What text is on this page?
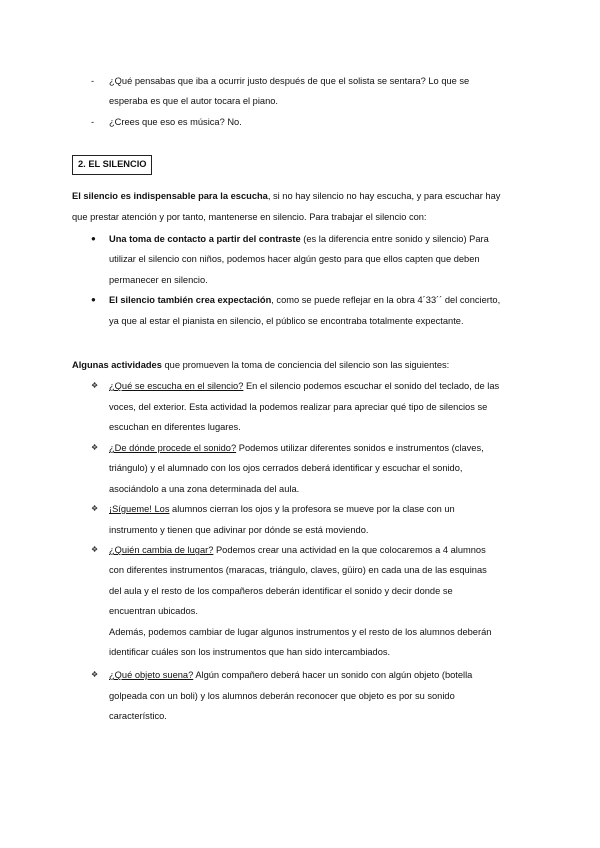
- ¿Qué pensabas que iba a ocurrir justo después de que el solista se sentara? Lo que se
esperaba es que el autor tocara el piano.
- ¿Crees que eso es música? No.
2. EL SILENCIO
El silencio es indispensable para la escucha, si no hay silencio no hay escucha, y para escuchar hay
que prestar atención y por tanto, mantenerse en silencio. Para trabajar el silencio con:
● Una toma de contacto a partir del contraste (es la diferencia entre sonido y silencio) Para
utilizar el silencio con niños, podemos hacer algún gesto para que ellos capten que deben
permanecer en silencio.
● El silencio también crea expectación, como se puede reflejar en la obra 4´33´´ del concierto,
ya que al estar el pianista en silencio, el público se encontraba totalmente expectante.
Algunas actividades que promueven la toma de conciencia del silencio son las siguientes:
❖ ¿Qué se escucha en el silencio? En el silencio podemos escuchar el sonido del teclado, de las
voces, del exterior. Esta actividad la podemos realizar para apreciar qué tipo de silencios se
escuchan en diferentes lugares.
❖ ¿De dónde procede el sonido? Podemos utilizar diferentes sonidos e instrumentos (claves,
triángulo) y el alumnado con los ojos cerrados deberá identificar y escuchar el sonido,
asociándolo a una zona determinada del aula.
❖ ¡Sígueme! Los alumnos cierran los ojos y la profesora se mueve por la clase con un
instrumento y tienen que adivinar por dónde se está moviendo.
❖ ¿Quién cambia de lugar? Podemos crear una actividad en la que colocaremos a 4 alumnos
con diferentes instrumentos (maracas, triángulo, claves, güiro) en cada una de las esquinas
del aula y el resto de los compañeros deberán identificar el sonido y decir donde se
encuentran ubicados.
Además, podemos cambiar de lugar algunos instrumentos y el resto de los alumnos deberán
identificar cuáles son los instrumentos que han sido intercambiados.
❖ ¿Qué objeto suena? Algún compañero deberá hacer un sonido con algún objeto (botella
golpeada con un boli) y los alumnos deberán reconocer que objeto es por su sonido
característico.
